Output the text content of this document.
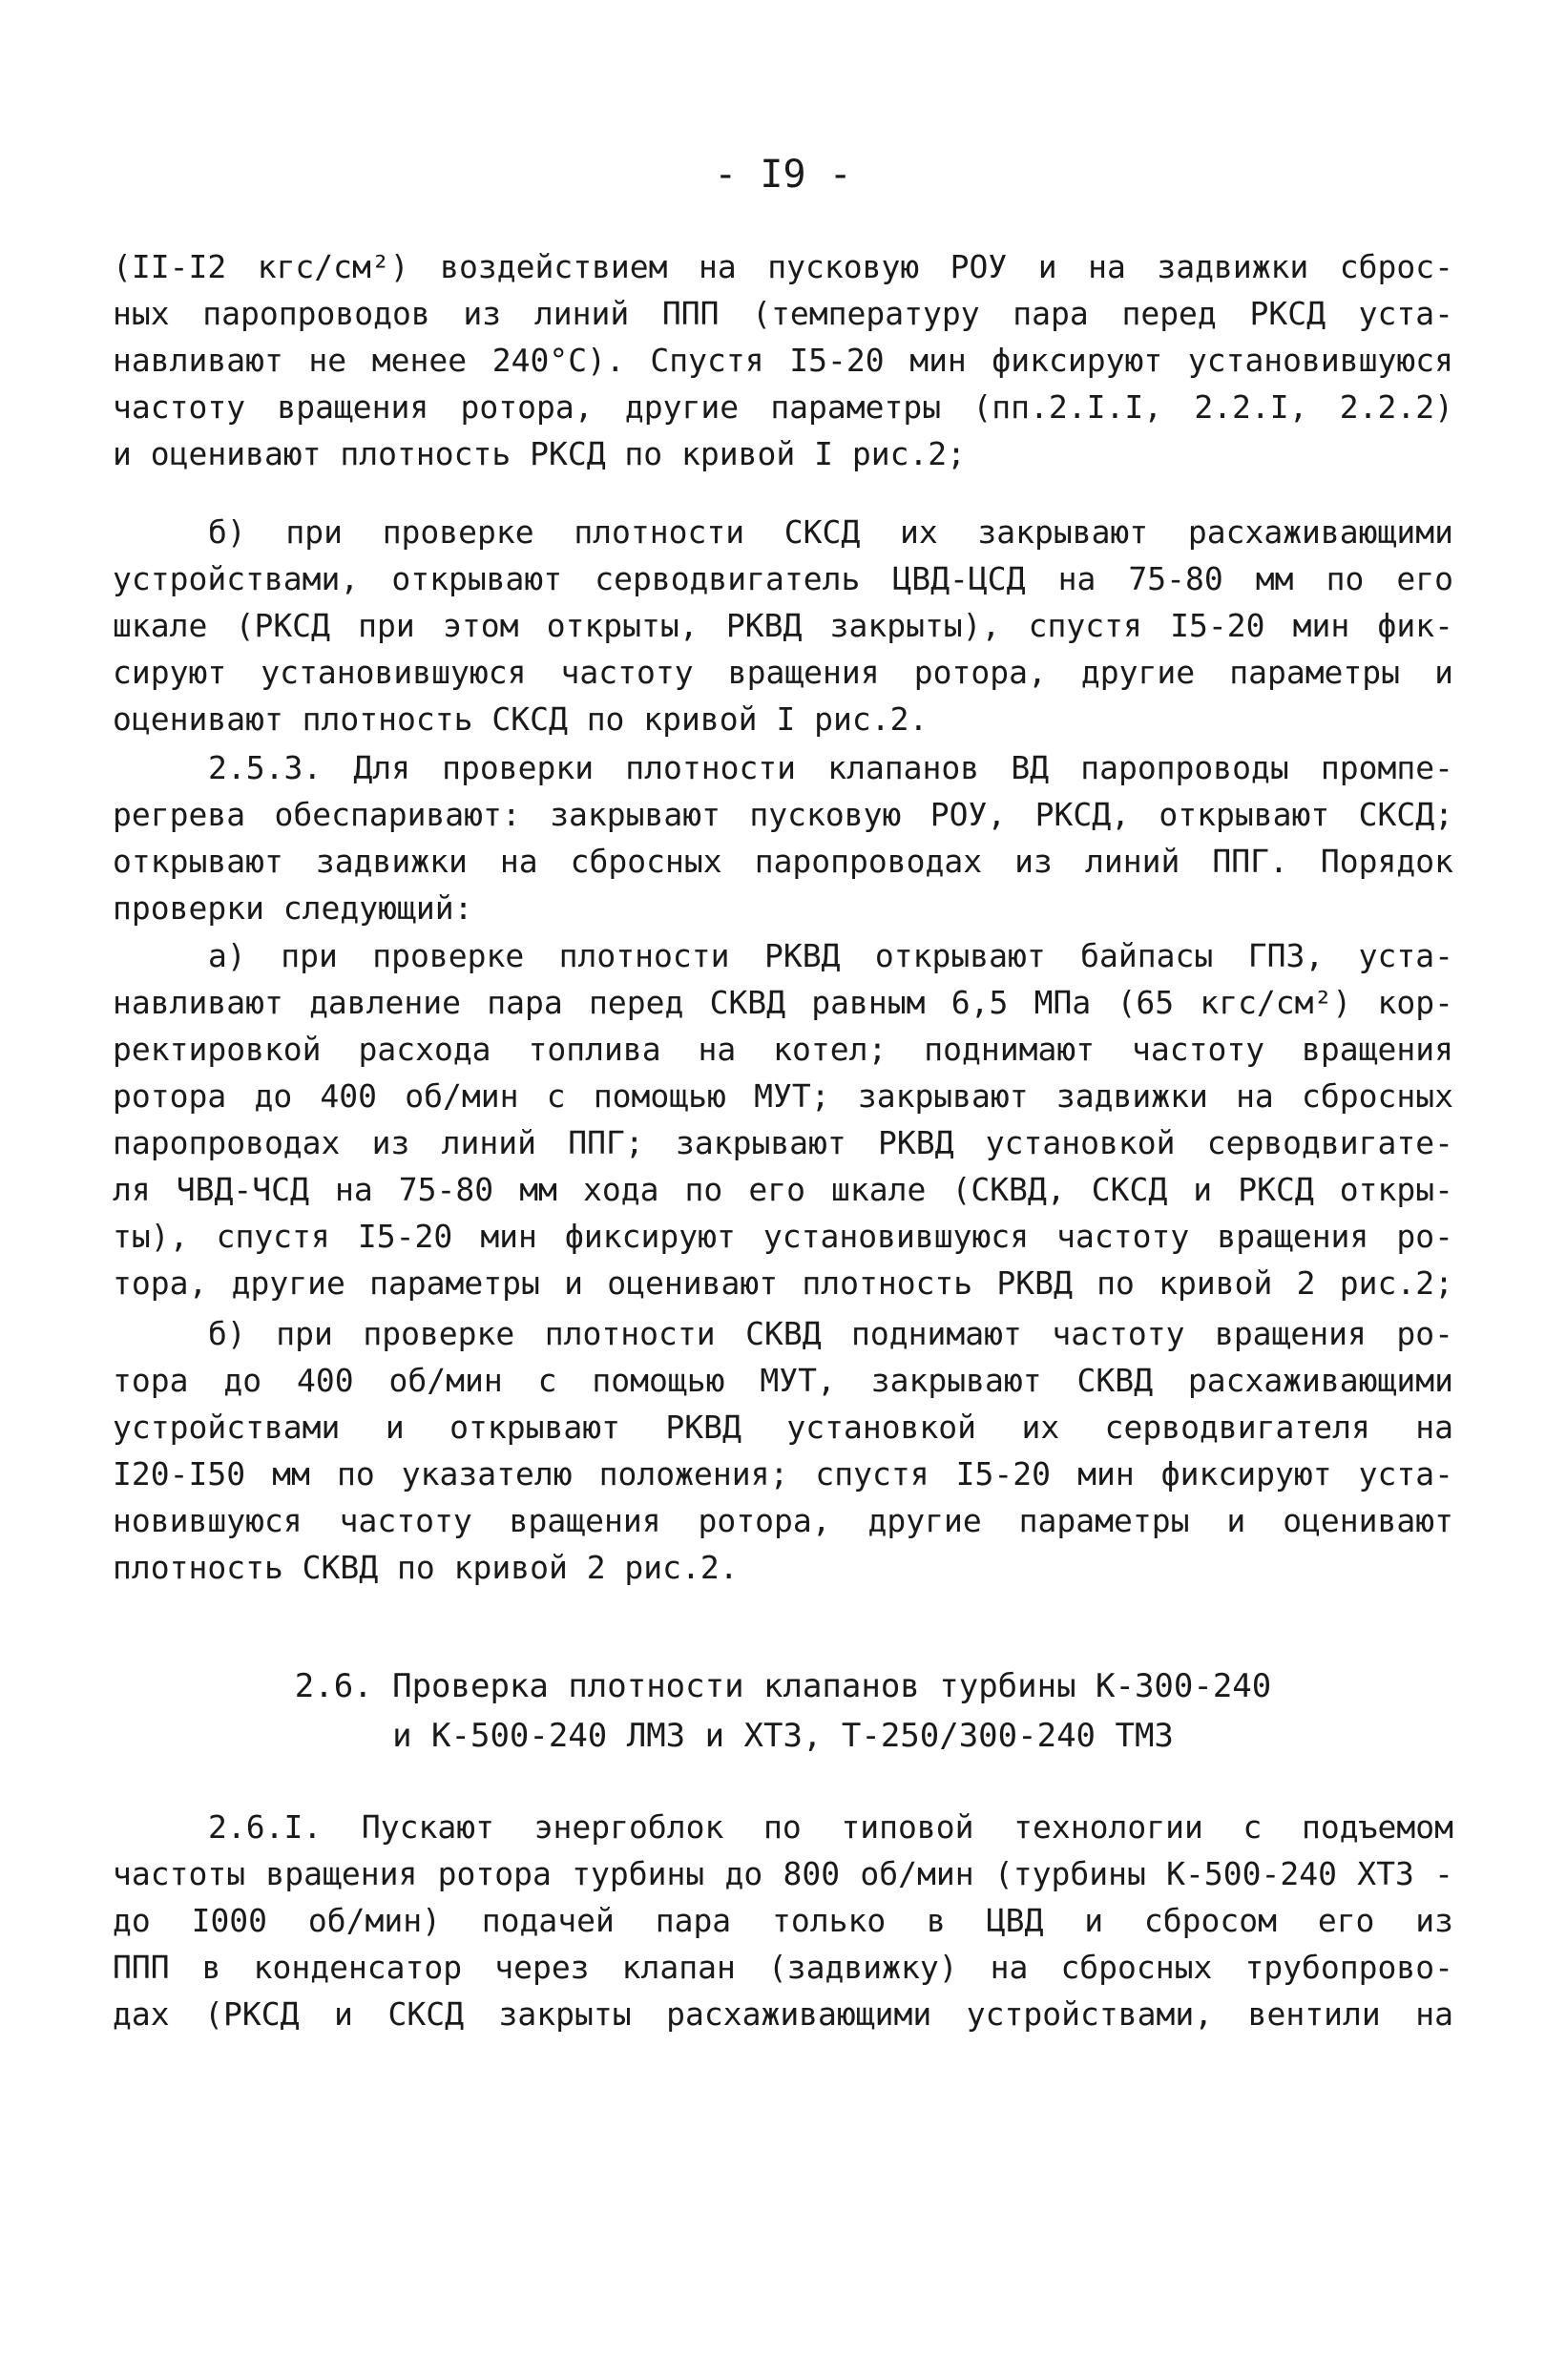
- I9 -
(II-I2 кгс/см²) воздействием на пусковую РОУ и на задвижки сброс-
ных паропроводов из линий ППП (температуру пара перед РКСД уста-
навливают не менее 240°С). Спустя I5-20 мин фиксируют установившуюся
частоту вращения ротора, другие параметры (пп.2.I.I, 2.2.I, 2.2.2)
и оценивают плотность РКСД по кривой I рис.2;
б) при проверке плотности СКСД их закрывают расхаживающими
устройствами, открывают серводвигатель ЦВД-ЦСД на 75-80 мм по его
шкале (РКСД при этом открыты, РКВД закрыты), спустя I5-20 мин фик-
сируют установившуюся частоту вращения ротора, другие параметры и
оценивают плотность СКСД по кривой I рис.2.
2.5.3. Для проверки плотности клапанов ВД паропроводы промпе-
регрева обеспаривают: закрывают пусковую РОУ, РКСД, открывают СКСД;
открывают задвижки на сбросных паропроводах из линий ППГ. Порядок
проверки следующий:
а) при проверке плотности РКВД открывают байпасы ГПЗ, уста-
навливают давление пара перед СКВД равным 6,5 МПа (65 кгс/см²) кор-
ректировкой расхода топлива на котел; поднимают частоту вращения
ротора до 400 об/мин с помощью МУТ; закрывают задвижки на сбросных
паропроводах из линий ППГ; закрывают РКВД установкой серводвигате-
ля ЧВД-ЧСД на 75-80 мм хода по его шкале (СКВД, СКСД и РКСД откры-
ты), спустя I5-20 мин фиксируют установившуюся частоту вращения ро-
тора, другие параметры и оценивают плотность РКВД по кривой 2 рис.2;
б) при проверке плотности СКВД поднимают частоту вращения ро-
тора до 400 об/мин с помощью МУТ, закрывают СКВД расхаживающими
устройствами и открывают РКВД установкой их серводвигателя на
I20-I50 мм по указателю положения; спустя I5-20 мин фиксируют уста-
новившуюся частоту вращения ротора, другие параметры и оценивают
плотность СКВД по кривой 2 рис.2.
2.6. Проверка плотности клапанов турбины К-300-240
и К-500-240 ЛМЗ и ХТЗ, Т-250/300-240 ТМЗ
2.6.I. Пускают энергоблок по типовой технологии с подъемом
частоты вращения ротора турбины до 800 об/мин (турбины К-500-240 ХТЗ -
до I000 об/мин) подачей пара только в ЦВД и сбросом его из
ППП в конденсатор через клапан (задвижку) на сбросных трубопрово-
дах (РКСД и СКСД закрыты расхаживающими устройствами, вентили на
